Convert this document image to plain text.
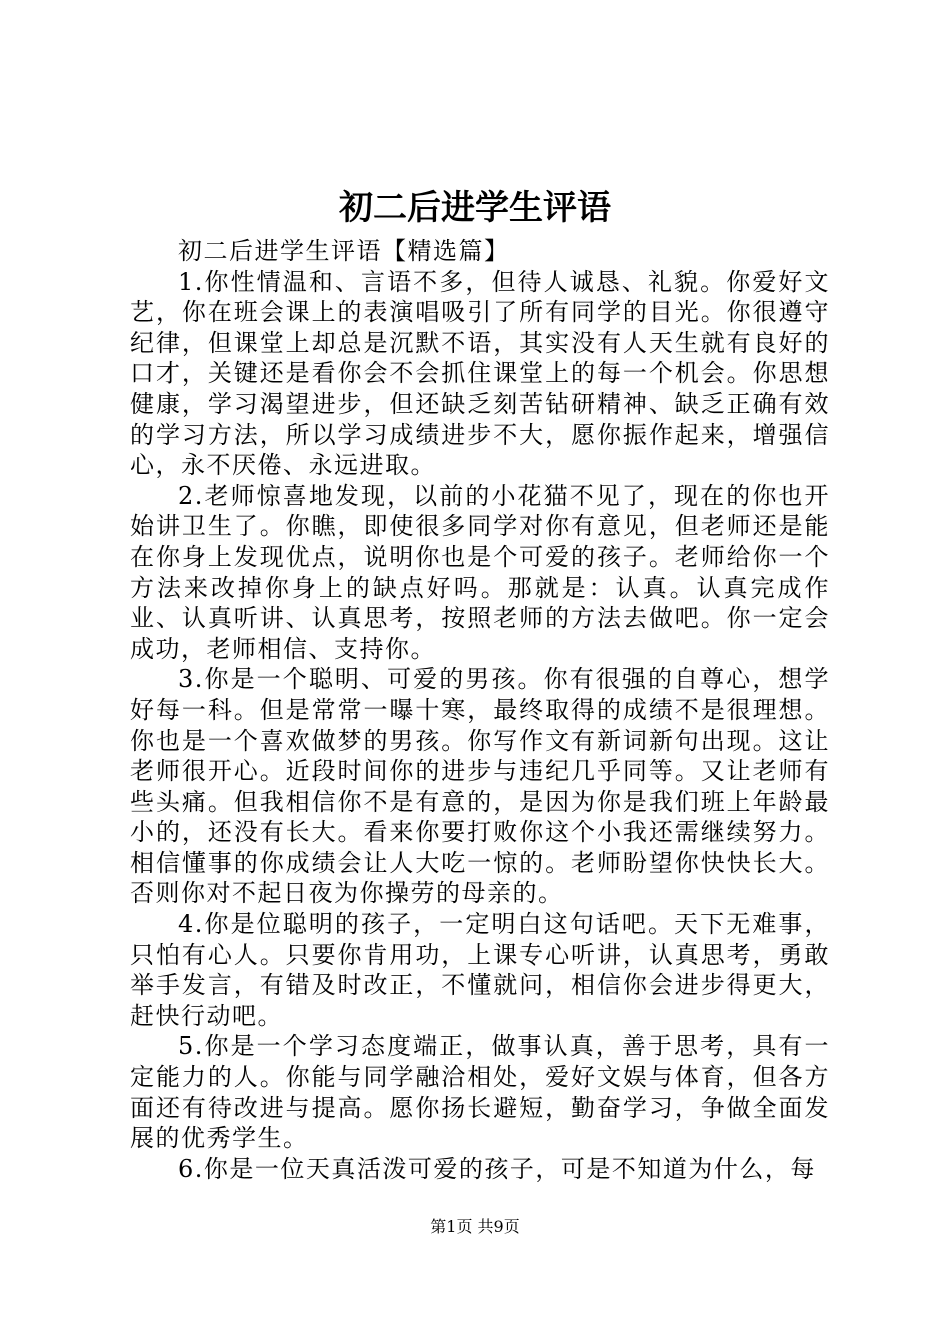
初二后进学生评语

初二后进学生评语【精选篇】

1.你性情温和、言语不多，但待人诚恳、礼貌。你爱好文艺，你在班会课上的表演唱吸引了所有同学的目光。你很遵守纪律，但课堂上却总是沉默不语，其实没有人天生就有良好的口才，关键还是看你会不会抓住课堂上的每一个机会。你思想健康，学习渴望进步，但还缺乏刻苦钻研精神、缺乏正确有效的学习方法，所以学习成绩进步不大，愿你振作起来，增强信心，永不厌倦、永远进取。

2.老师惊喜地发现，以前的小花猫不见了，现在的你也开始讲卫生了。你瞧，即使很多同学对你有意见，但老师还是能在你身上发现优点，说明你也是个可爱的孩子。老师给你一个方法来改掉你身上的缺点好吗。那就是：认真。认真完成作业、认真听讲、认真思考，按照老师的方法去做吧。你一定会成功，老师相信、支持你。

3.你是一个聪明、可爱的男孩。你有很强的自尊心，想学好每一科。但是常常一曝十寒，最终取得的成绩不是很理想。你也是一个喜欢做梦的男孩。你写作文有新词新句出现。这让老师很开心。近段时间你的进步与违纪几乎同等。又让老师有些头痛。但我相信你不是有意的，是因为你是我们班上年龄最小的，还没有长大。看来你要打败你这个小我还需继续努力。相信懂事的你成绩会让人大吃一惊的。老师盼望你快快长大。否则你对不起日夜为你操劳的母亲的。

4.你是位聪明的孩子，一定明白这句话吧。天下无难事，只怕有心人。只要你肯用功，上课专心听讲，认真思考，勇敢举手发言，有错及时改正，不懂就问，相信你会进步得更大，赶快行动吧。

5.你是一个学习态度端正，做事认真，善于思考，具有一定能力的人。你能与同学融洽相处，爱好文娱与体育，但各方面还有待改进与提高。愿你扬长避短，勤奋学习，争做全面发展的优秀学生。

6.你是一位天真活泼可爱的孩子，可是不知道为什么，每

第1页 共9页
